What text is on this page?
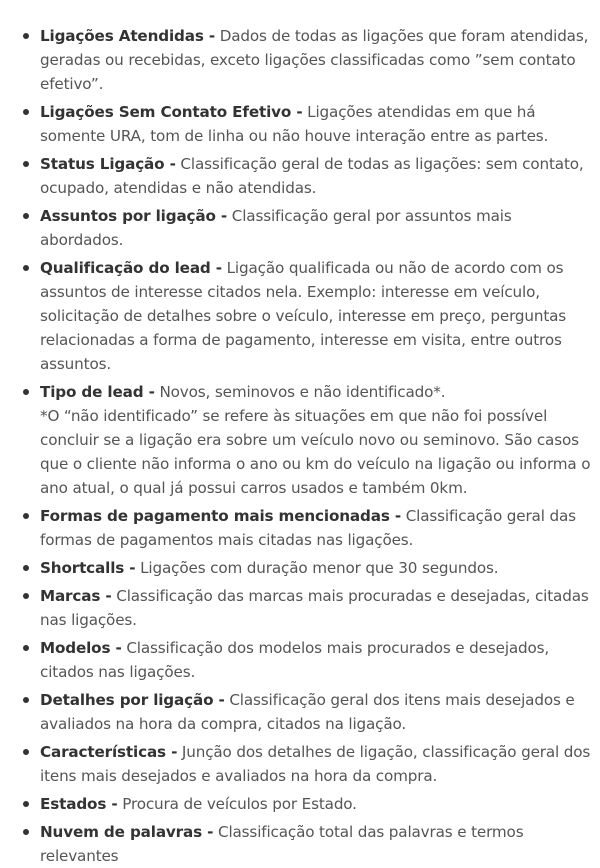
Ligações Atendidas - Dados de todas as ligações que foram atendidas, geradas ou recebidas, exceto ligações classificadas como ”sem contato efetivo”.
Ligações Sem Contato Efetivo - Ligações atendidas em que há somente URA, tom de linha ou não houve interação entre as partes.
Status Ligação - Classificação geral de todas as ligações: sem contato, ocupado, atendidas e não atendidas.
Assuntos por ligação - Classificação geral por assuntos mais abordados.
Qualificação do lead - Ligação qualificada ou não de acordo com os assuntos de interesse citados nela. Exemplo: interesse em veículo, solicitação de detalhes sobre o veículo, interesse em preço, perguntas relacionadas a forma de pagamento, interesse em visita, entre outros assuntos.
Tipo de lead - Novos, seminovos e não identificado*.
*O “não identificado” se refere às situações em que não foi possível concluir se a ligação era sobre um veículo novo ou seminovo. São casos que o cliente não informa o ano ou km do veículo na ligação ou informa o ano atual, o qual já possui carros usados e também 0km.
Formas de pagamento mais mencionadas - Classificação geral das formas de pagamentos mais citadas nas ligações.
Shortcalls - Ligações com duração menor que 30 segundos.
Marcas - Classificação das marcas mais procuradas e desejadas, citadas nas ligações.
Modelos - Classificação dos modelos mais procurados e desejados, citados nas ligações.
Detalhes por ligação - Classificação geral dos itens mais desejados e avaliados na hora da compra, citados na ligação.
Características - Junção dos detalhes de ligação, classificação geral dos itens mais desejados e avaliados na hora da compra.
Estados - Procura de veículos por Estado.
Nuvem de palavras - Classificação total das palavras e termos relevantes
